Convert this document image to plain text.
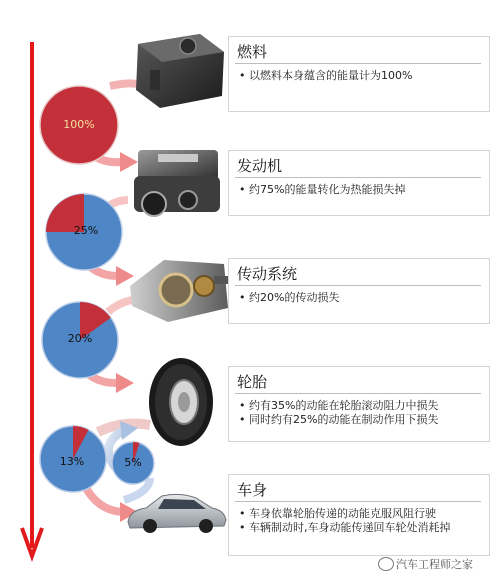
100%
25%
20%
13%	5%
燃料
• 以燃料本身蕴含的能量计为100%
发动机
• 约75%的能量转化为热能损失掉
传动系统
• 约20%的传动损失
轮胎
• 约有35%的动能在轮胎滚动阻力中损失
• 同时约有25%的动能在制动作用下损失
车身
• 车身依靠轮胎传递的动能克服风阻行驶
• 车辆制动时,车身动能传递回车轮处消耗掉
汽车工程师之家
